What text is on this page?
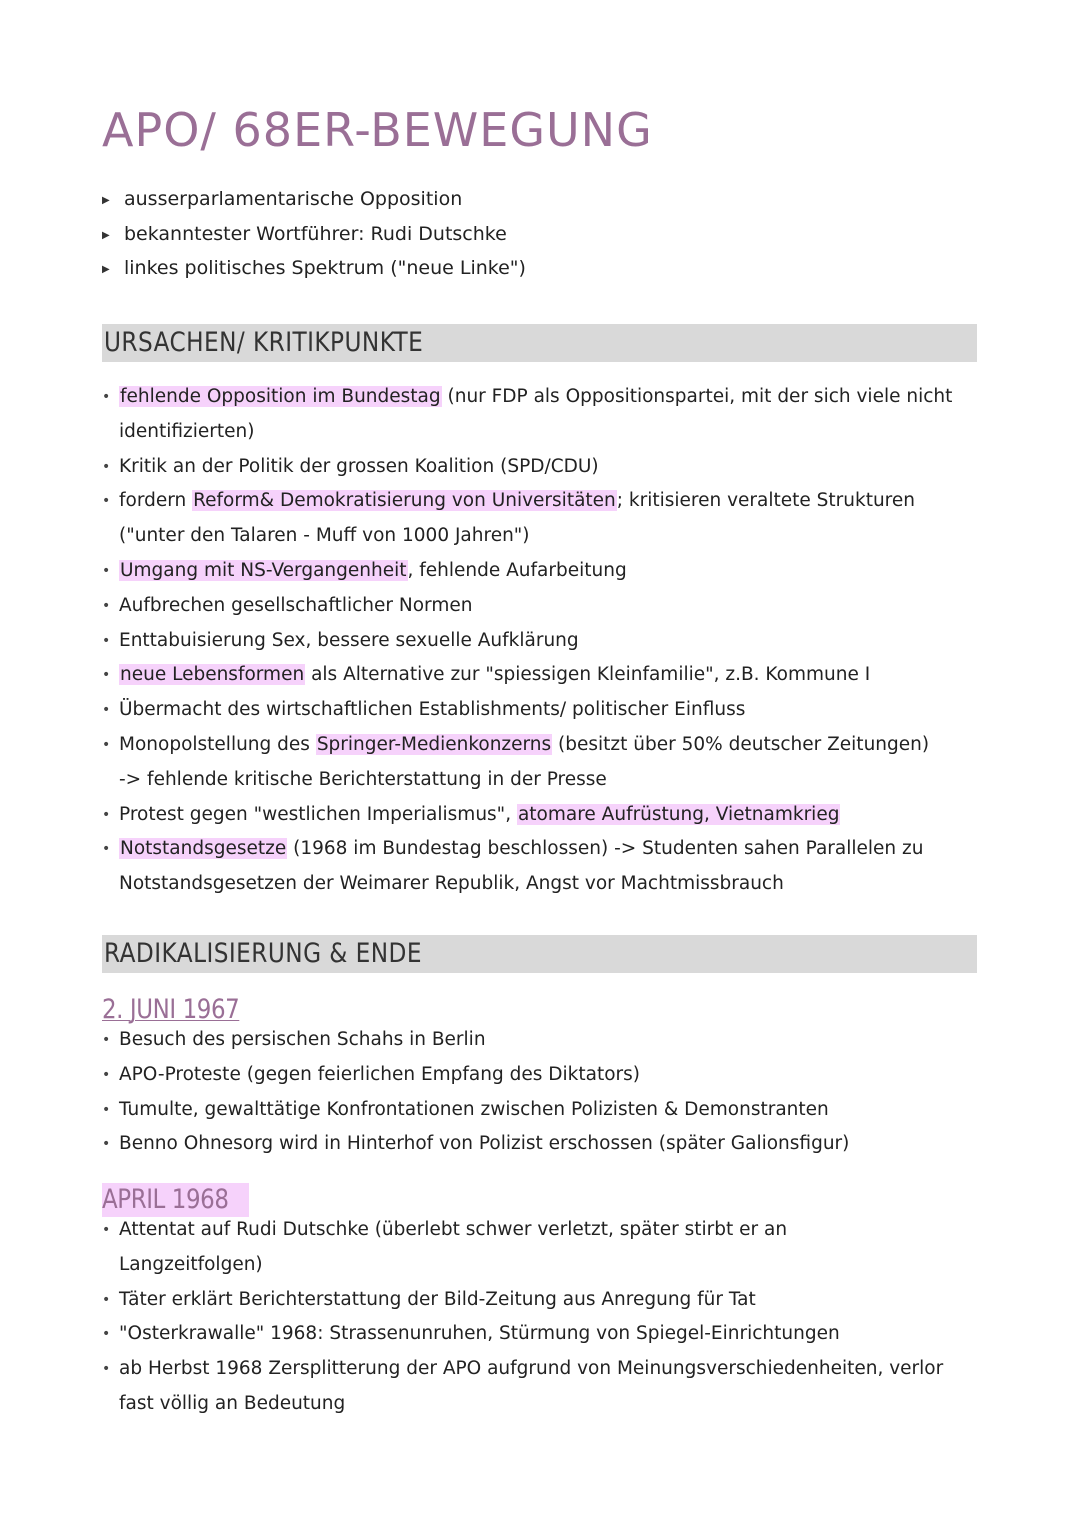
APO/ 68ER-BEWEGUNG
▶ ausserparlamentarische Opposition
▶ bekanntester Wortführer: Rudi Dutschke
▶ linkes politisches Spektrum ("neue Linke")
URSACHEN/ KRITIKPUNKTE
• fehlende Opposition im Bundestag (nur FDP als Oppositionspartei, mit der sich viele nicht
identifizierten)
• Kritik an der Politik der grossen Koalition (SPD/CDU)
• fordern Reform& Demokratisierung von Universitäten; kritisieren veraltete Strukturen
("unter den Talaren - Muff von 1000 Jahren")
• Umgang mit NS-Vergangenheit, fehlende Aufarbeitung
• Aufbrechen gesellschaftlicher Normen
• Enttabuisierung Sex, bessere sexuelle Aufklärung
• neue Lebensformen als Alternative zur "spiessigen Kleinfamilie", z.B. Kommune I
• Übermacht des wirtschaftlichen Establishments/ politischer Einfluss
• Monopolstellung des Springer-Medienkonzerns (besitzt über 50% deutscher Zeitungen)
-> fehlende kritische Berichterstattung in der Presse
• Protest gegen "westlichen Imperialismus", atomare Aufrüstung, Vietnamkrieg
• Notstandsgesetze (1968 im Bundestag beschlossen) -> Studenten sahen Parallelen zu
Notstandsgesetzen der Weimarer Republik, Angst vor Machtmissbrauch
RADIKALISIERUNG & ENDE
2. JUNI 1967
• Besuch des persischen Schahs in Berlin
• APO-Proteste (gegen feierlichen Empfang des Diktators)
• Tumulte, gewalttätige Konfrontationen zwischen Polizisten & Demonstranten
• Benno Ohnesorg wird in Hinterhof von Polizist erschossen (später Galionsfigur)
APRIL 1968
• Attentat auf Rudi Dutschke (überlebt schwer verletzt, später stirbt er an
Langzeitfolgen)
• Täter erklärt Berichterstattung der Bild-Zeitung aus Anregung für Tat
• "Osterkrawalle" 1968: Strassenunruhen, Stürmung von Spiegel-Einrichtungen
• ab Herbst 1968 Zersplitterung der APO aufgrund von Meinungsverschiedenheiten, verlor
fast völlig an Bedeutung
